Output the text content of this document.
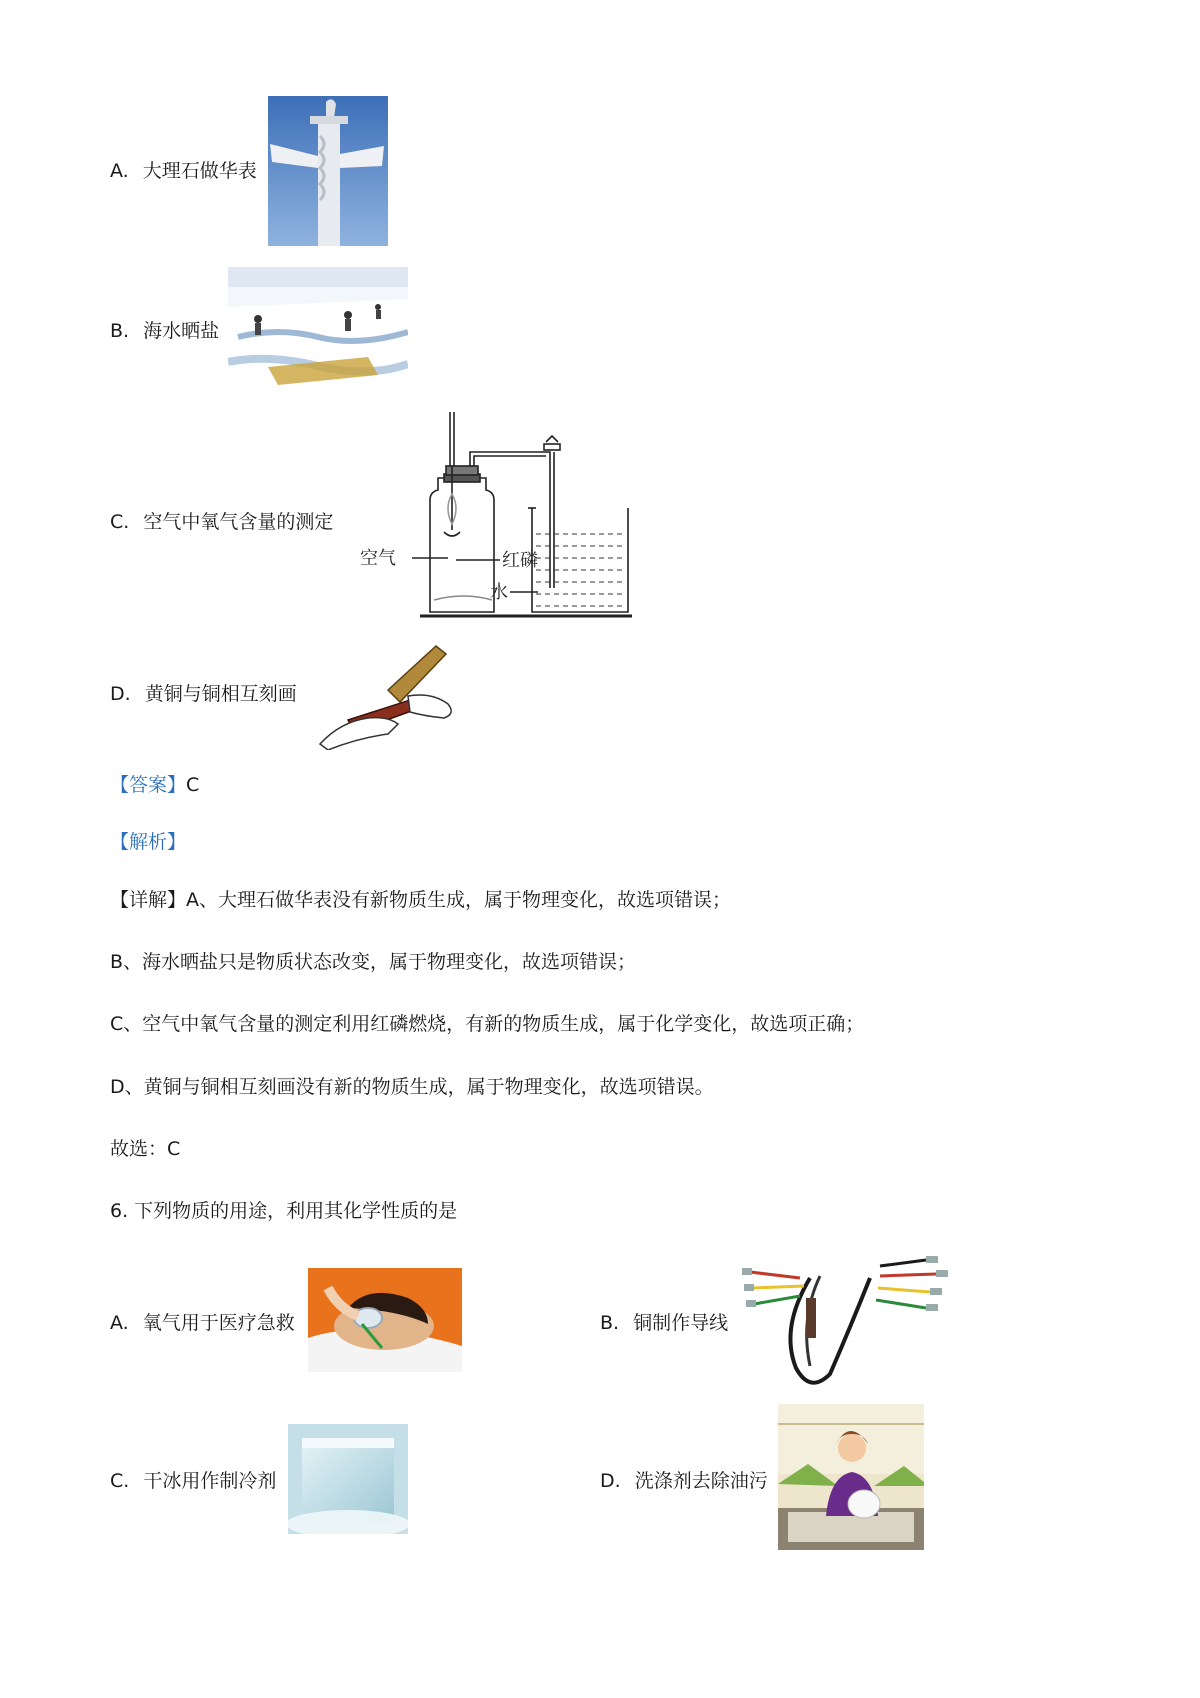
A. 大理石做华表
B. 海水晒盐
C. 空气中氧气含量的测定
空气	红磷
水
D. 黄铜与铜相互刻画
【答案】C
【解析】
【详解】A、大理石做华表没有新物质生成，属于物理变化，故选项错误；
B、海水晒盐只是物质状态改变，属于物理变化，故选项错误；
C、空气中氧气含量的测定利用红磷燃烧，有新的物质生成，属于化学变化，故选项正确；
D、黄铜与铜相互刻画没有新的物质生成，属于物理变化，故选项错误。
故选：C
6. 下列物质的用途，利用其化学性质的是
A. 氧气用于医疗急救	B. 铜制作导线
C. 干冰用作制冷剂	D. 洗涤剂去除油污
